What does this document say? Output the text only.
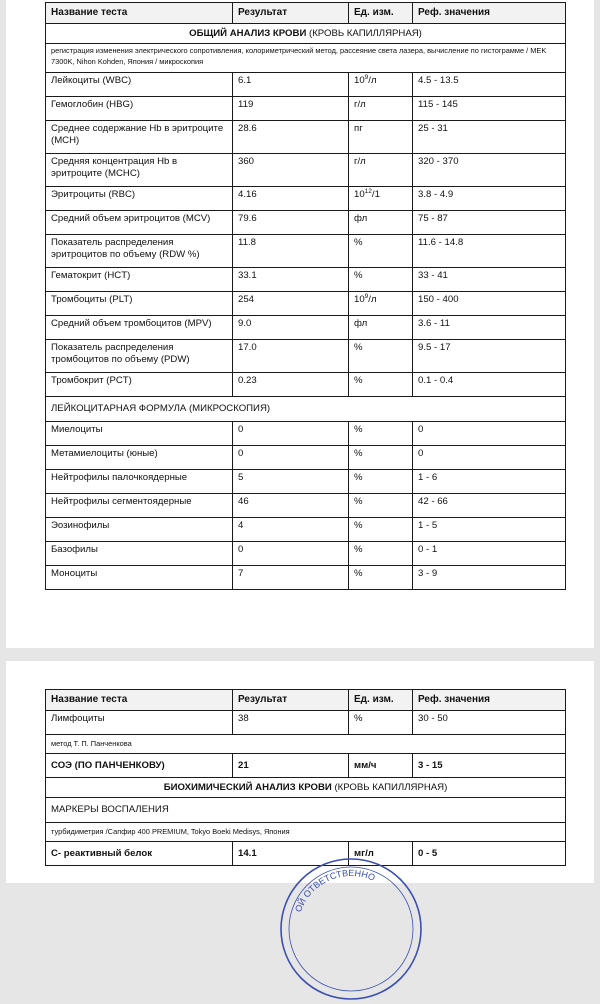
Название теста	Результат	Ед. изм.	Реф. значения
ОБЩИЙ АНАЛИЗ КРОВИ (КРОВЬ КАПИЛЛЯРНАЯ)			
регистрация изменения электрического сопротивления, колориметрический метод, рассеяние света лазера, вычисление по гистограмме / MEK 7300K, Nihon Kohden, Япония / микроскопия			
Лейкоциты (WBC)	6.1	$10^9/л$	4.5 - 13.5
Гемоглобин (HBG)	119	г/л	115 - 145
Среднее содержание Hb в эритроците (MCH)	28.6	пг	25 - 31
Средняя концентрация Hb в эритроците (MCHC)	360	г/л	320 - 370
Эритроциты (RBC)	4.16	$10^{12}/1$	3.8 - 4.9
Средний объем эритроцитов (MCV)	79.6	фл	75 - 87
Показатель распределения эритроцитов по объему (RDW %)	11.8	%	11.6 - 14.8
Гематокрит (HCT)	33.1	%	33 - 41
Тромбоциты (PLT)	254	$10^9/л$	150 - 400
Средний объем тромбоцитов (MPV)	9.0	фл	3.6 - 11
Показатель распределения тромбоцитов по объему (PDW)	17.0	%	9.5 - 17
Тромбокрит (PCT)	0.23	%	0.1 - 0.4
ЛЕЙКОЦИТАРНАЯ ФОРМУЛА (МИКРОСКОПИЯ)			
Миелоциты	0	%	0
Метамиелоциты (юные)	0	%	0
Нейтрофилы палочкоядерные	5	%	1 - 6
Нейтрофилы сегментоядерные	46	%	42 - 66
Эозинофилы	4	%	1 - 5
Базофилы	0	%	0 - 1
Моноциты	7	%	3 - 9
Название теста	Результат	Ед. изм.	Реф. значения
Лимфоциты	38	%	30 - 50
метод Т. П. Панченкова			
СОЭ (ПО ПАНЧЕНКОВУ)	21	мм/ч	3 - 15
БИОХИМИЧЕСКИЙ АНАЛИЗ КРОВИ (КРОВЬ КАПИЛЛЯРНАЯ)			
МАРКЕРЫ ВОСПАЛЕНИЯ			
турбидиметрия /Сапфир 400 PREMIUM, Tokyo Boeki Medisys, Япония			
С- реактивный белок	14.1	мг/л	0 - 5
ОЙ ОТВЕТСТВЕННО
